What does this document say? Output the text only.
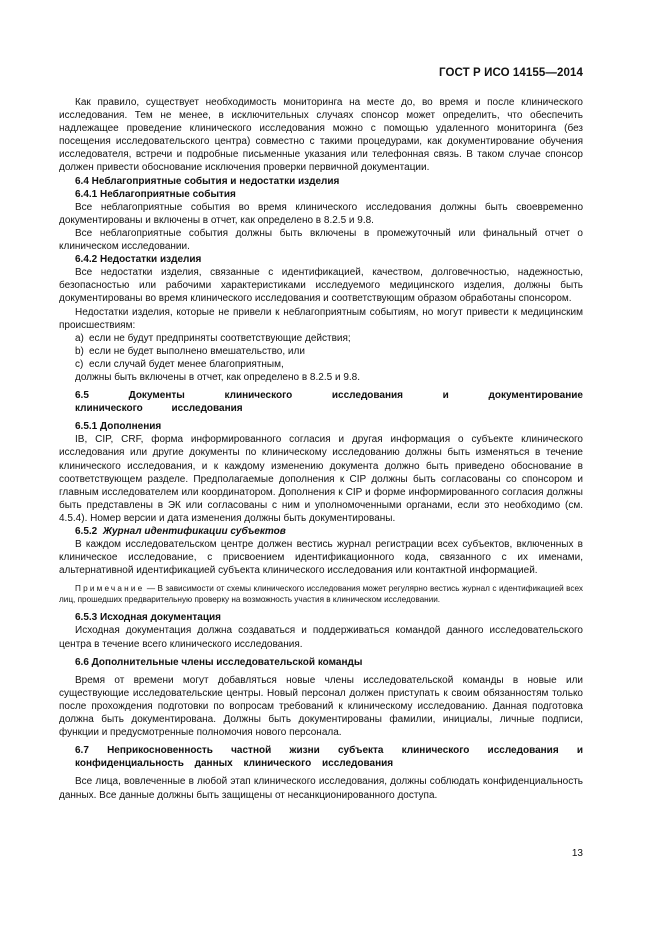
ГОСТ Р ИСО 14155—2014

Как правило, существует необходимость мониторинга на месте до, во время и после клинического исследования. Тем не менее, в исключительных случаях спонсор может определить, что обеспечить надлежащее проведение клинического исследования можно с помощью удаленного мониторинга (без посещения исследовательского центра) совместно с такими процедурами, как документирование обучения исследователя, встречи и подробные письменные указания или телефонная связь. В таком случае спонсор должен привести обоснование исключения проверки первичной документации.

6.4 Неблагоприятные события и недостатки изделия

6.4.1 Неблагоприятные события

Все неблагоприятные события во время клинического исследования должны быть своевременно документированы и включены в отчет, как определено в 8.2.5 и 9.8.

Все неблагоприятные события должны быть включены в промежуточный или финальный отчет о клиническом исследовании.

6.4.2 Недостатки изделия

Все недостатки изделия, связанные с идентификацией, качеством, долговечностью, надежностью, безопасностью или рабочими характеристиками исследуемого медицинского изделия, должны быть документированы во время клинического исследования и соответствующим образом обработаны спонсором.

Недостатки изделия, которые не привели к неблагоприятным событиям, но могут привести к медицинским происшествиям:

a) если не будут предприняты соответствующие действия;
b) если не будет выполнено вмешательство, или
c) если случай будет менее благоприятным,

должны быть включены в отчет, как определено в 8.2.5 и 9.8.

6.5 Документы клинического исследования и документирование клинического исследования

6.5.1 Дополнения

IB, CIP, CRF, форма информированного согласия и другая информация о субъекте клинического исследования или другие документы по клиническому исследованию должны быть изменяться в течение клинического исследования, и к каждому изменению документа должно быть приведено обоснование в соответствующем разделе. Предполагаемые дополнения к CIP должны быть согласованы со спонсором и главным исследователем или координатором. Дополнения к CIP и форме информированного согласия должны быть представлены в ЭК или согласованы с ним и уполномоченными органами, если это необходимо (см. 4.5.4). Номер версии и дата изменения должны быть документированы.

6.5.2 Журнал идентификации субъектов

В каждом исследовательском центре должен вестись журнал регистрации всех субъектов, включенных в клиническое исследование, с присвоением идентификационного кода, связанного с их именами, альтернативной идентификацией субъекта клинического исследования или контактной информацией.

Примечание — В зависимости от схемы клинического исследования может регулярно вестись журнал с идентификацией всех лиц, прошедших предварительную проверку на возможность участия в клиническом исследовании.

6.5.3 Исходная документация

Исходная документация должна создаваться и поддерживаться командой данного исследовательского центра в течение всего клинического исследования.

6.6 Дополнительные члены исследовательской команды

Время от времени могут добавляться новые члены исследовательской команды в новые или существующие исследовательские центры. Новый персонал должен приступать к своим обязанностям только после прохождения подготовки по вопросам требований к клиническому исследованию. Данная подготовка должна быть документирована. Должны быть документированы фамилии, инициалы, личные подписи, функции и предусмотренные полномочия нового персонала.

6.7 Неприкосновенность частной жизни субъекта клинического исследования и конфиденциальность данных клинического исследования

Все лица, вовлеченные в любой этап клинического исследования, должны соблюдать конфиденциальность данных. Все данные должны быть защищены от несанкционированного доступа.

13
